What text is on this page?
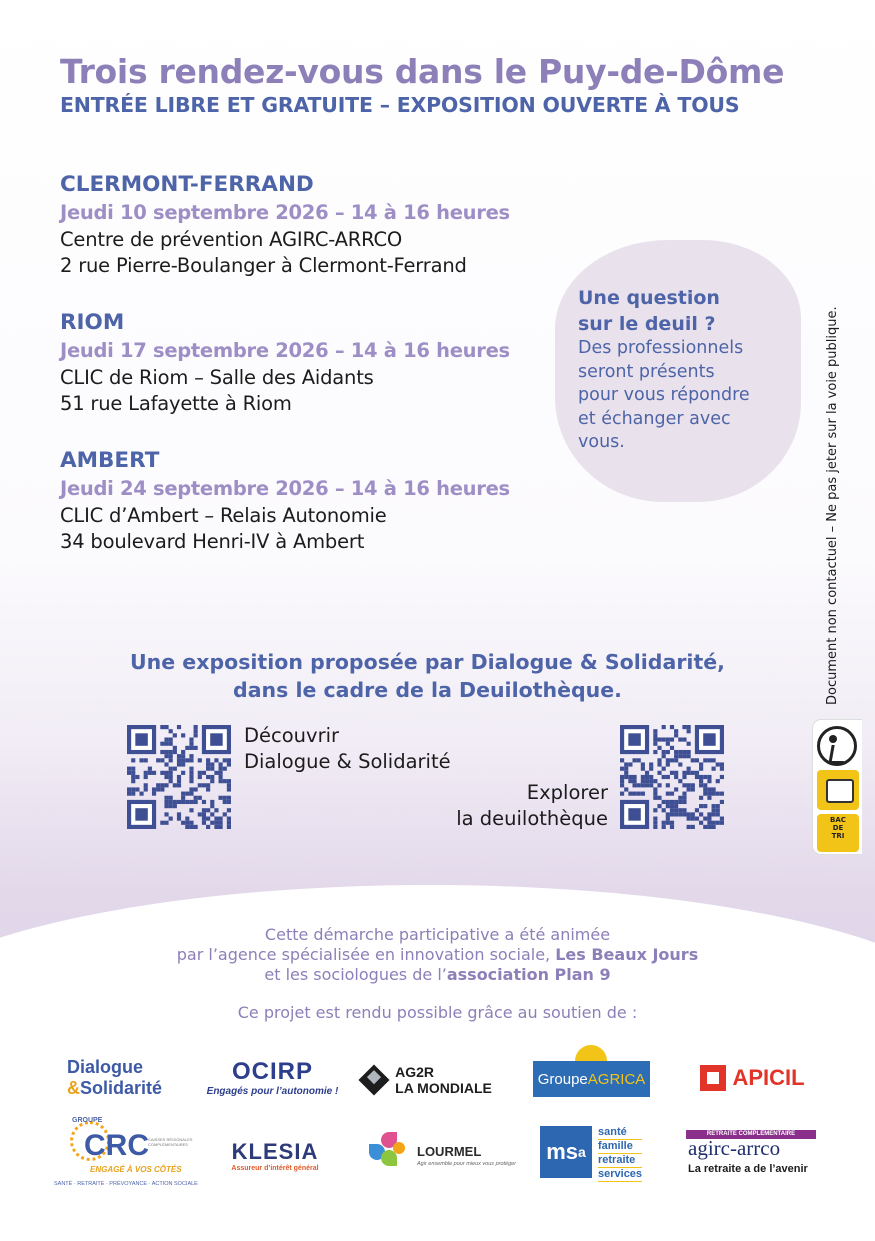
Trois rendez-vous dans le Puy-de-Dôme
ENTRÉE LIBRE ET GRATUITE – EXPOSITION OUVERTE À TOUS
CLERMONT-FERRAND
Jeudi 10 septembre 2026 – 14 à 16 heures
Centre de prévention AGIRC-ARRCO
2 rue Pierre-Boulanger à Clermont-Ferrand
RIOM
Jeudi 17 septembre 2026 – 14 à 16 heures
CLIC de Riom – Salle des Aidants
51 rue Lafayette à Riom
AMBERT
Jeudi 24 septembre 2026 – 14 à 16 heures
CLIC d’Ambert – Relais Autonomie
34 boulevard Henri-IV à Ambert
Une question
sur le deuil ?
Des professionnels
seront présents
pour vous répondre
et échanger avec
vous.	Document non contactuel – Ne pas jeter sur la voie publique.
BAC
DE
TRI
Une exposition proposée par Dialogue & Solidarité,
dans le cadre de la Deuilothèque.
Découvrir
Dialogue & Solidarité
Explorer
la deuilothèque
Cette démarche participative a été animée
par l’agence spécialisée en innovation sociale, Les Beaux Jours
et les sociologues de l’association Plan 9
Ce projet est rendu possible grâce au soutien de :
Dialogue
&Solidarité
OCIRP
Engagés pour l’autonomie !
AG2R
LA MONDIALE	Groupe AGRICA	APICIL
GROUPE
CRC CAISSES RÉGIONALES COMPLÉMENTAIRES
ENGAGÉ À VOS CÔTÉS
SANTÉ · RETRAITE · PRÉVOYANCE · ACTION SOCIALE
KLESIA
Assureur d’intérêt général
LOURMEL
Agir ensemble pour mieux vous protéger ms a
santé
famille
retraite
services
RETRAITE COMPLÉMENTAIRE
agirc-arrco
La retraite a de l’avenir
